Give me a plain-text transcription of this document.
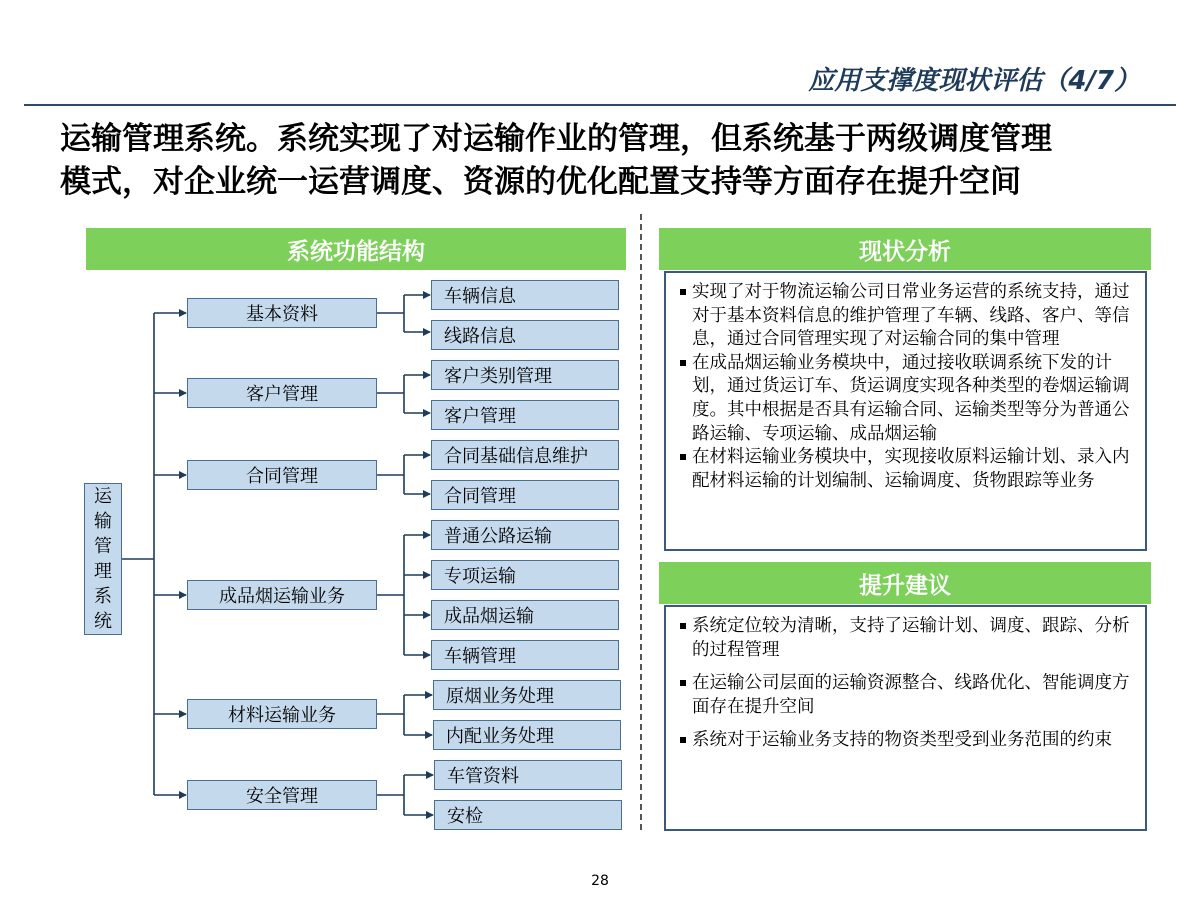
应用支撑度现状评估（4/7）
运输管理系统。系统实现了对运输作业的管理，但系统基于两级调度管理
模式，对企业统一运营调度、资源的优化配置支持等方面存在提升空间
系统功能结构
运
输
管
理
系
统
基本资料
客户管理
合同管理
成品烟运输业务
材料运输业务
安全管理
车辆信息
线路信息
客户类别管理
客户管理
合同基础信息维护
合同管理
普通公路运输
专项运输
成品烟运输
车辆管理
原烟业务处理
内配业务处理
车管资料
安检
现状分析
实现了对于物流运输公司日常业务运营的系统支持，通过对于基本资料信息的维护管理了车辆、线路、客户、等信息，通过合同管理实现了对运输合同的集中管理
在成品烟运输业务模块中，通过接收联调系统下发的计划，通过货运订车、货运调度实现各种类型的卷烟运输调度。其中根据是否具有运输合同、运输类型等分为普通公路运输、专项运输、成品烟运输
在材料运输业务模块中，实现接收原料运输计划、录入内配材料运输的计划编制、运输调度、货物跟踪等业务
提升建议
系统定位较为清晰，支持了运输计划、调度、跟踪、分析的过程管理
在运输公司层面的运输资源整合、线路优化、智能调度方面存在提升空间
系统对于运输业务支持的物资类型受到业务范围的约束
28
